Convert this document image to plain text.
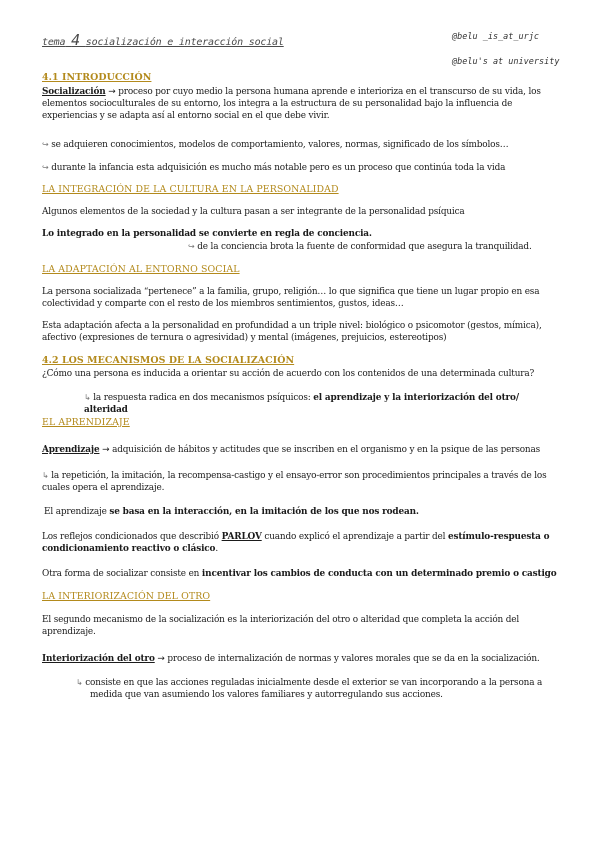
tema 4 socialización e interacción social	@belu _is_at_urjc
@belu's at university
4.1 INTRODUCCIÓN
Socialización → proceso por cuyo medio la persona humana aprende e interioriza en el transcurso de su vida, los elementos socioculturales de su entorno, los integra a la estructura de su personalidad bajo la influencia de experiencias y se adapta así al entorno social en el que debe vivir.
↪ se adquieren conocimientos, modelos de comportamiento, valores, normas, significado de los símbolos…
↪ durante la infancia esta adquisición es mucho más notable pero es un proceso que continúa toda la vida
LA INTEGRACIÓN DE LA CULTURA EN LA PERSONALIDAD
Algunos elementos de la sociedad y la cultura pasan a ser integrante de la personalidad psíquica
Lo integrado en la personalidad se convierte en regla de conciencia.
↪ de la conciencia brota la fuente de conformidad que asegura la tranquilidad.
LA ADAPTACIÓN AL ENTORNO SOCIAL
La persona socializada “pertenece” a la familia, grupo, religión… lo que significa que tiene un lugar propio en esa colectividad y comparte con el resto de los miembros sentimientos, gustos, ideas…
Esta adaptación afecta a la personalidad en profundidad a un triple nivel: biológico o psicomotor (gestos, mímica), afectivo (expresiones de ternura o agresividad) y mental (imágenes, prejuicios, estereotipos)
4.2 LOS MECANISMOS DE LA SOCIALIZACIÓN
¿Cómo una persona es inducida a orientar su acción de acuerdo con los contenidos de una determinada cultura?
↳ la respuesta radica en dos mecanismos psíquicos: el aprendizaje y la interiorización del otro/ alteridad
EL APRENDIZAJE
Aprendizaje → adquisición de hábitos y actitudes que se inscriben en el organismo y en la psique de las personas
↳ la repetición, la imitación, la recompensa-castigo y el ensayo-error son procedimientos principales a través de los cuales opera el aprendizaje.
El aprendizaje se basa en la interacción, en la imitación de los que nos rodean.
Los reflejos condicionados que describió PARLOV cuando explicó el aprendizaje a partir del estímulo-respuesta o condicionamiento reactivo o clásico.
Otra forma de socializar consiste en incentivar los cambios de conducta con un determinado premio o castigo
LA INTERIORIZACIÓN DEL OTRO
El segundo mecanismo de la socialización es la interiorización del otro o alteridad que completa la acción del aprendizaje.
Interiorización del otro → proceso de internalización de normas y valores morales que se da en la socialización.
↳ consiste en que las acciones reguladas inicialmente desde el exterior se van incorporando a la persona a medida que van asumiendo los valores familiares y autorregulando sus acciones.
